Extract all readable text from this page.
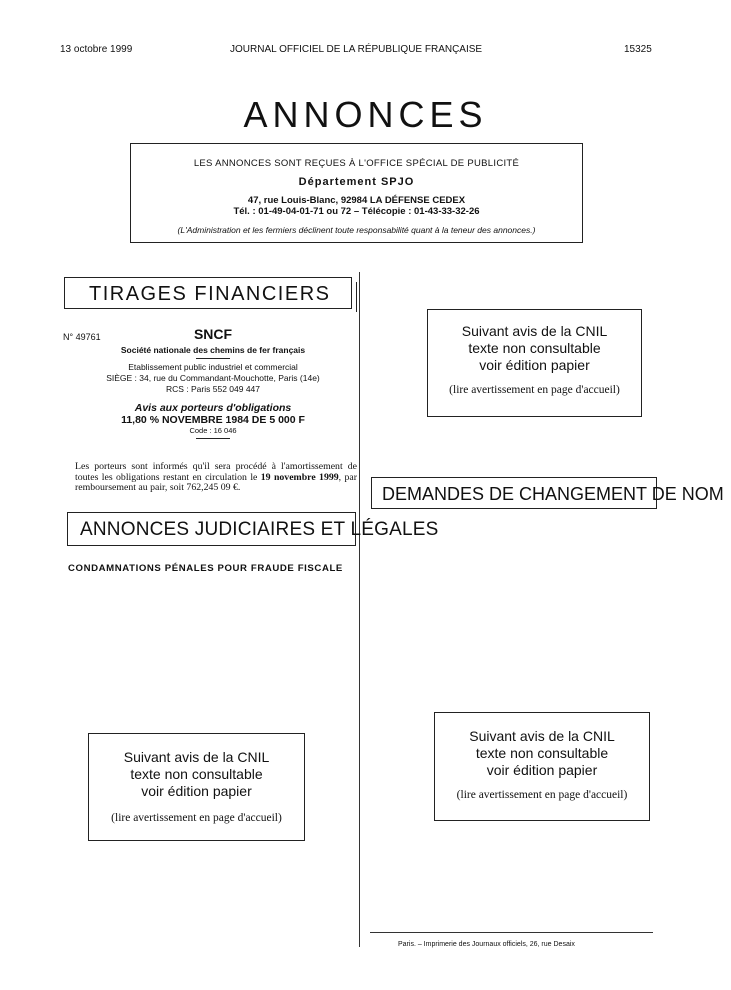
13 octobre 1999	JOURNAL OFFICIEL DE LA RÉPUBLIQUE FRANÇAISE	15325
ANNONCES
LES ANNONCES SONT REÇUES À L'OFFICE SPÉCIAL DE PUBLICITÉ
Département SPJO
47, rue Louis-Blanc, 92984 LA DÉFENSE CEDEX
Tél. : 01-49-04-01-71 ou 72 – Télécopie : 01-43-33-32-26
(L'Administration et les fermiers déclinent toute responsabilité quant à la teneur des annonces.)
TIRAGES FINANCIERS
N° 49761	SNCF
Société nationale des chemins de fer français
Etablissement public industriel et commercial
SIÈGE : 34, rue du Commandant-Mouchotte, Paris (14e)
RCS : Paris 552 049 447
Avis aux porteurs d'obligations
11,80 % NOVEMBRE 1984 DE 5 000 F
Code : 16 046
Les porteurs sont informés qu'il sera procédé à l'amortissement de toutes les obligations restant en circulation le 19 novembre 1999, par remboursement au pair, soit 762,245 09 €.
ANNONCES JUDICIAIRES ET LÉGALES
CONDAMNATIONS PÉNALES POUR FRAUDE FISCALE
Suivant avis de la CNIL
texte non consultable
voir édition papier
(lire avertissement en page d'accueil)
Suivant avis de la CNIL
texte non consultable
voir édition papier
(lire avertissement en page d'accueil)
DEMANDES DE CHANGEMENT DE NOM
Suivant avis de la CNIL
texte non consultable
voir édition papier
(lire avertissement en page d'accueil)
Paris. – Imprimerie des Journaux officiels, 26, rue Desaix
